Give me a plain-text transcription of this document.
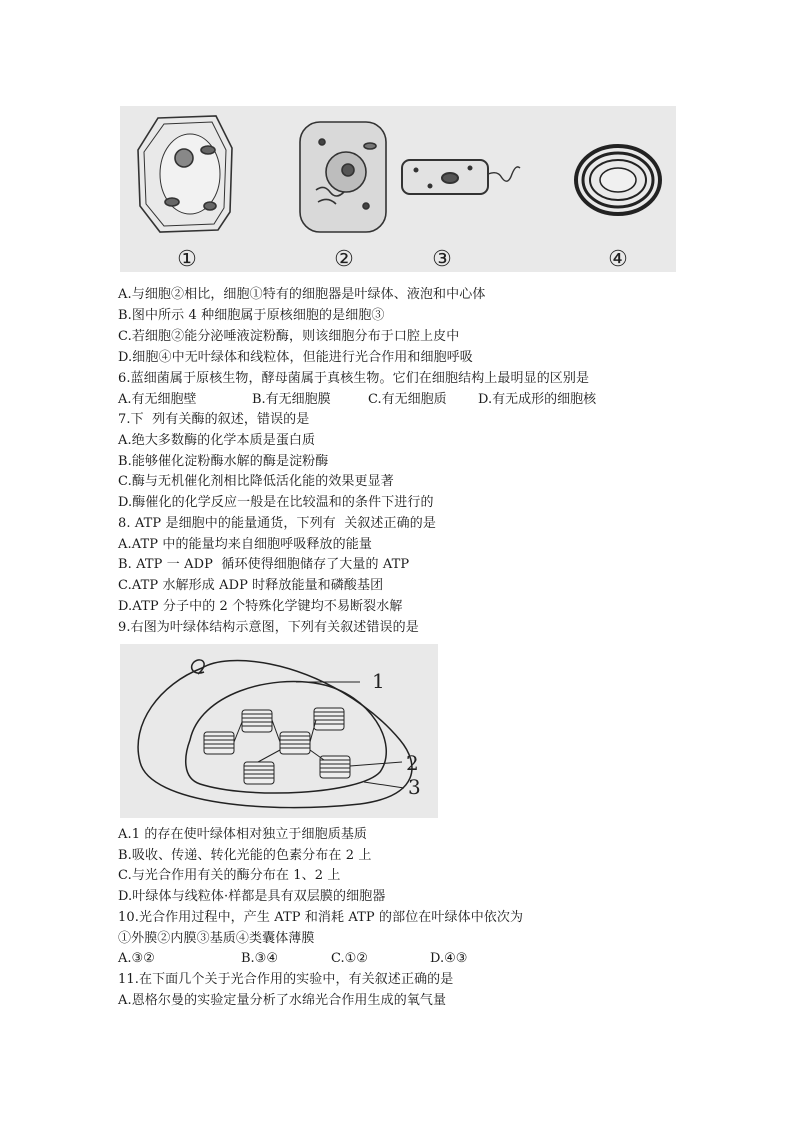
①	②	③	④
A.与细胞②相比，细胞①特有的细胞器是叶绿体、液泡和中心体
B.图中所示 4 种细胞属于原核细胞的是细胞③
C.若细胞②能分泌唾液淀粉酶，则该细胞分布于口腔上皮中
D.细胞④中无叶绿体和线粒体，但能进行光合作用和细胞呼吸
6.蓝细菌属于原核生物，酵母菌属于真核生物。它们在细胞结构上最明显的区别是

A.有无细胞壁

	B.有无细胞膜

	C.有无细胞质

D.有无成形的细胞核

7.下  列有关酶的叙述，错误的是
A.绝大多数酶的化学本质是蛋白质
B.能够催化淀粉酶水解的酶是淀粉酶
C.酶与无机催化剂相比降低活化能的效果更显著
D.酶催化的化学反应一般是在比较温和的条件下进行的
8. ATP 是细胞中的能量通货，下列有  关叙述正确的是
A.ATP 中的能量均来自细胞呼吸释放的能量
B. ATP 一 ADP  循环使得细胞储存了大量的 ATP
C.ATP 水解形成 ADP 时释放能量和磷酸基团
D.ATP 分子中的 2 个特殊化学键均不易断裂水解
9.右图为叶绿体结构示意图，下列有关叙述错误的是
1
2
3
A.1 的存在使叶绿体相对独立于细胞质基质
B.吸收、传递、转化光能的色素分布在 2 上
C.与光合作用有关的酶分布在 1、2 上
D.叶绿体与线粒体·样都是具有双层膜的细胞器
10.光合作用过程中，产生 ATP 和消耗 ATP 的部位在叶绿体中依次为
①外膜②内膜③基质④类囊体薄膜

A.③②

	B.③④

	C.①②

	D.④③

11.在下面几个关于光合作用的实验中，有关叙述正确的是
A.恩格尔曼的实验定量分析了水绵光合作用生成的氧气量
